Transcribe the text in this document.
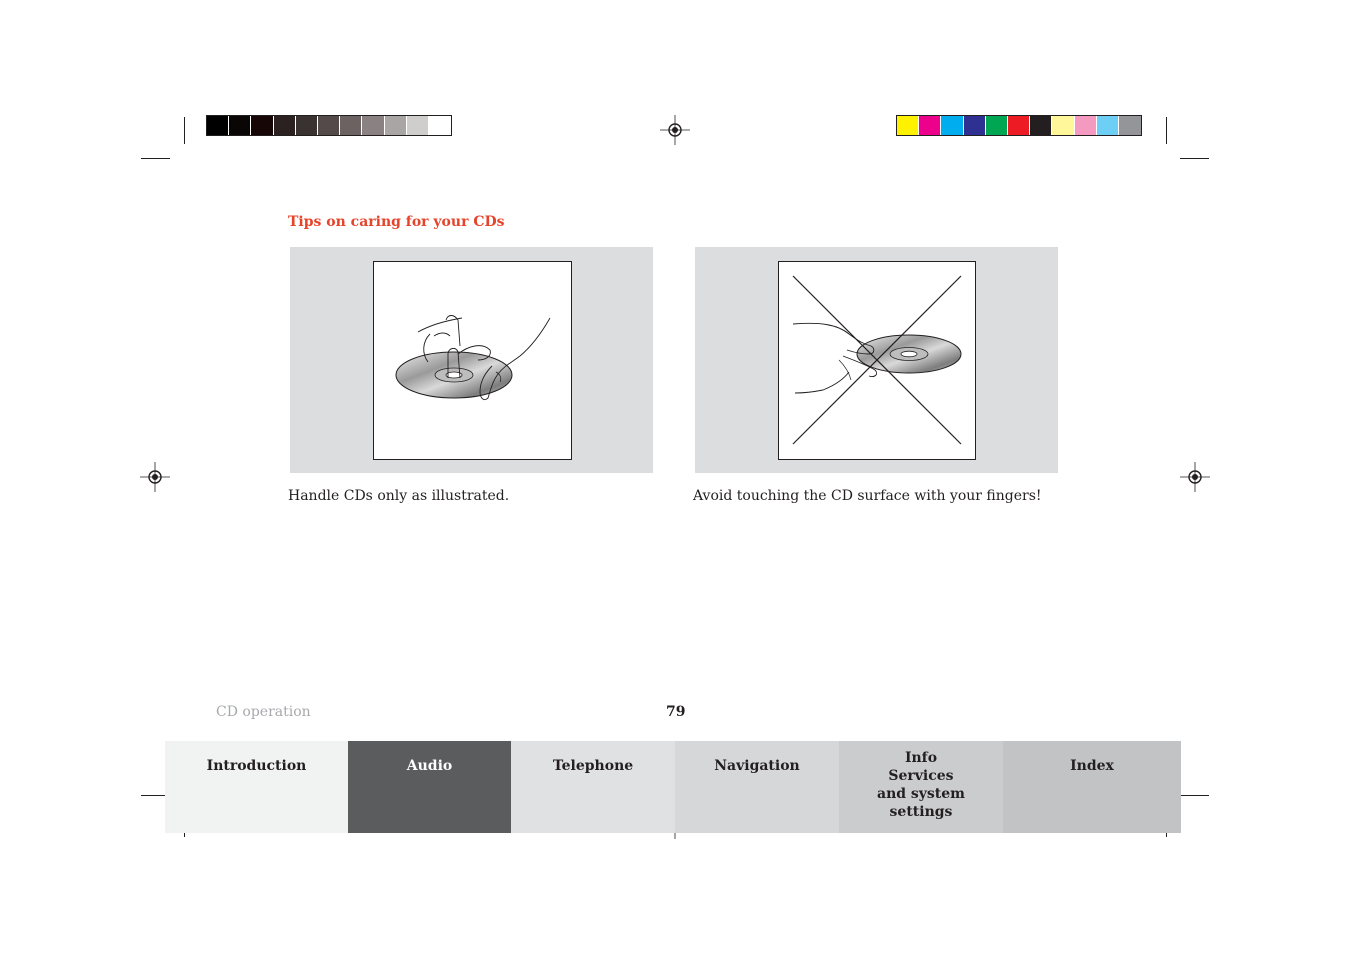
Tips on caring for your CDs
Handle CDs only as illustrated.	Avoid touching the CD surface with your fingers!
CD operation	79
Introduction	Audio	Telephone	Navigation	Info Services and system settings
Index
